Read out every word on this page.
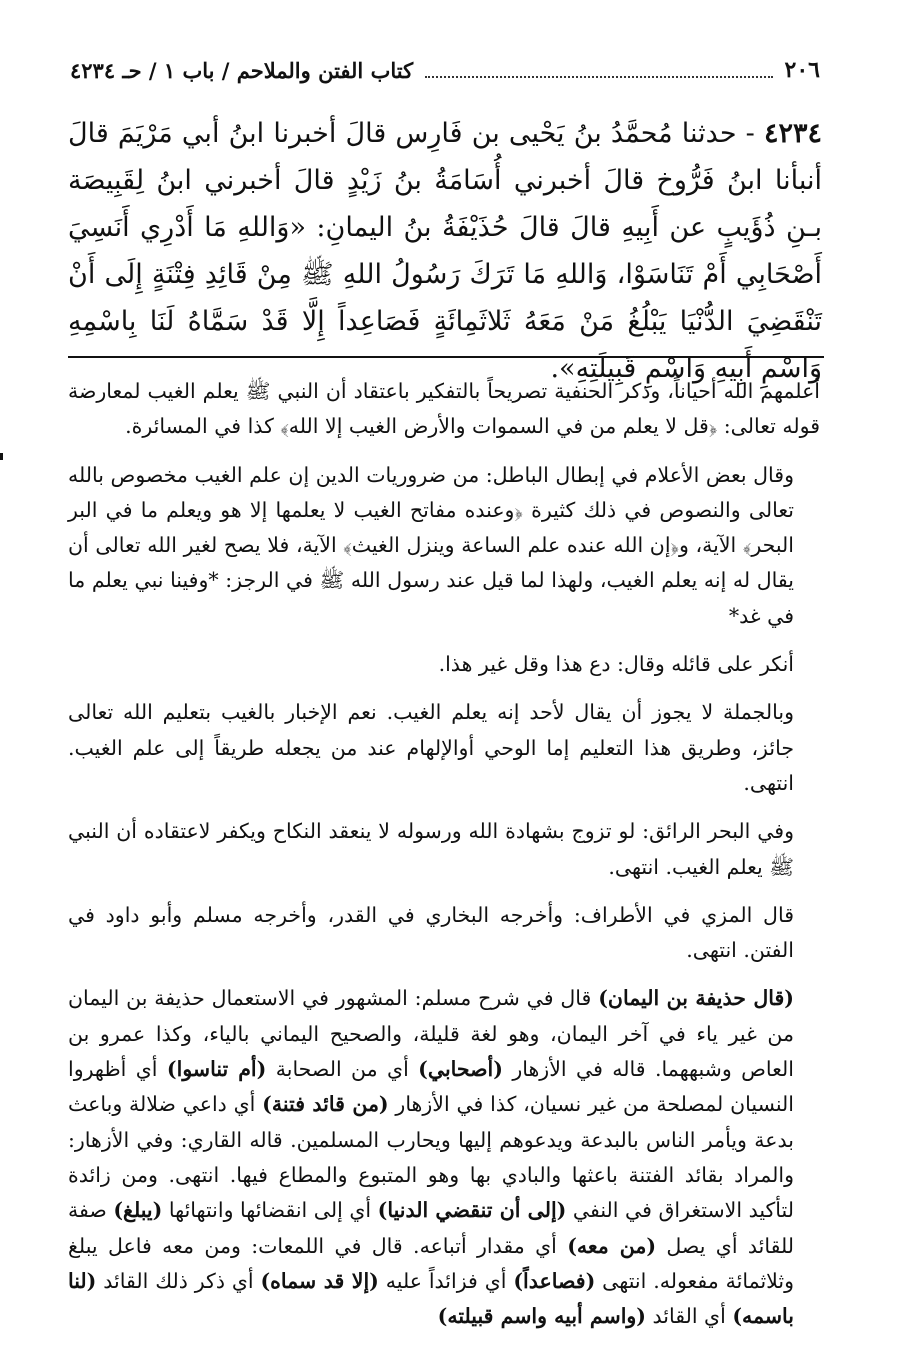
٢٠٦
كتاب الفتن والملاحم / باب ١ / حـ ٤٢٣٤
٤٢٣٤ - حدثنا مُحمَّدُ بنُ يَحْيى بن فَارِس قالَ أخبرنا ابنُ أبي مَرْيَمَ قالَ أنبأنا ابنُ فَرُّوخ قالَ أخبرني أُسَامَةُ بنُ زَيْدٍ قالَ أخبرني ابنُ لِقَبِيصَة بـنِ ذُؤَيبٍ عن أَبِيهِ قالَ قالَ حُذَيْفَةُ بنُ اليمانِ: «وَاللهِ مَا أَدْرِي أَنَسِيَ أَصْحَابِي أَمْ تَنَاسَوْا، وَاللهِ مَا تَرَكَ رَسُولُ اللهِ ﷺ مِنْ قَائِدِ فِتْنَةٍ إِلَى أَنْ تَنْقَضِيَ الدُّنْيَا يَبْلُغُ مَنْ مَعَهُ ثَلاثَمِائَةٍ فَصَاعِداً إِلَّا قَدْ سَمَّاهُ لَنَا بِاسْمِهِ وَاسْمِ أَبِيهِ وَاسْمِ قَبِيلَتِهِ».

أعلمهم الله أحياناً، وذكر الحنفية تصريحاً بالتفكير باعتقاد أن النبي ﷺ يعلم الغيب لمعارضة قوله تعالى: ﴿قل لا يعلم من في السموات والأرض الغيب إلا الله﴾ كذا في المسائرة.

وقال بعض الأعلام في إبطال الباطل: من ضروريات الدين إن علم الغيب مخصوص بالله تعالى والنصوص في ذلك كثيرة ﴿وعنده مفاتح الغيب لا يعلمها إلا هو ويعلم ما في البر البحر﴾ الآية، و﴿إن الله عنده علم الساعة وينزل الغيث﴾ الآية، فلا يصح لغير الله تعالى أن يقال له إنه يعلم الغيب، ولهذا لما قيل عند رسول الله ﷺ في الرجز: *وفينا نبي يعلم ما في غد*

أنكر على قائله وقال: دع هذا وقل غير هذا.

وبالجملة لا يجوز أن يقال لأحد إنه يعلم الغيب. نعم الإخبار بالغيب بتعليم الله تعالى جائز، وطريق هذا التعليم إما الوحي أوالإلهام عند من يجعله طريقاً إلى علم الغيب. انتهى.

وفي البحر الرائق: لو تزوج بشهادة الله ورسوله لا ينعقد النكاح ويكفر لاعتقاده أن النبي ﷺ يعلم الغيب. انتهى.

قال المزي في الأطراف: وأخرجه البخاري في القدر، وأخرجه مسلم وأبو داود في الفتن. انتهى.

(قال حذيفة بن اليمان) قال في شرح مسلم: المشهور في الاستعمال حذيفة بن اليمان من غير ياء في آخر اليمان، وهو لغة قليلة، والصحيح اليماني بالياء، وكذا عمرو بن العاص وشبههما. قاله في الأزهار (أصحابي) أي من الصحابة (أم تناسوا) أي أظهروا النسيان لمصلحة من غير نسيان، كذا في الأزهار (من قائد فتنة) أي داعي ضلالة وباعث بدعة ويأمر الناس بالبدعة ويدعوهم إليها ويحارب المسلمين. قاله القاري: وفي الأزهار: والمراد بقائد الفتنة باعثها والبادي بها وهو المتبوع والمطاع فيها. انتهى. ومن زائدة لتأكيد الاستغراق في النفي (إلى أن تنقضي الدنيا) أي إلى انقضائها وانتهائها (يبلغ) صفة للقائد أي يصل (من معه) أي مقدار أتباعه. قال في اللمعات: ومن معه فاعل يبلغ وثلاثمائة مفعوله. انتهى (فصاعداً) أي فزائداً عليه (إلا قد سماه) أي ذكر ذلك القائد (لنا باسمه) أي القائد (واسم أبيه واسم قبيلته)
